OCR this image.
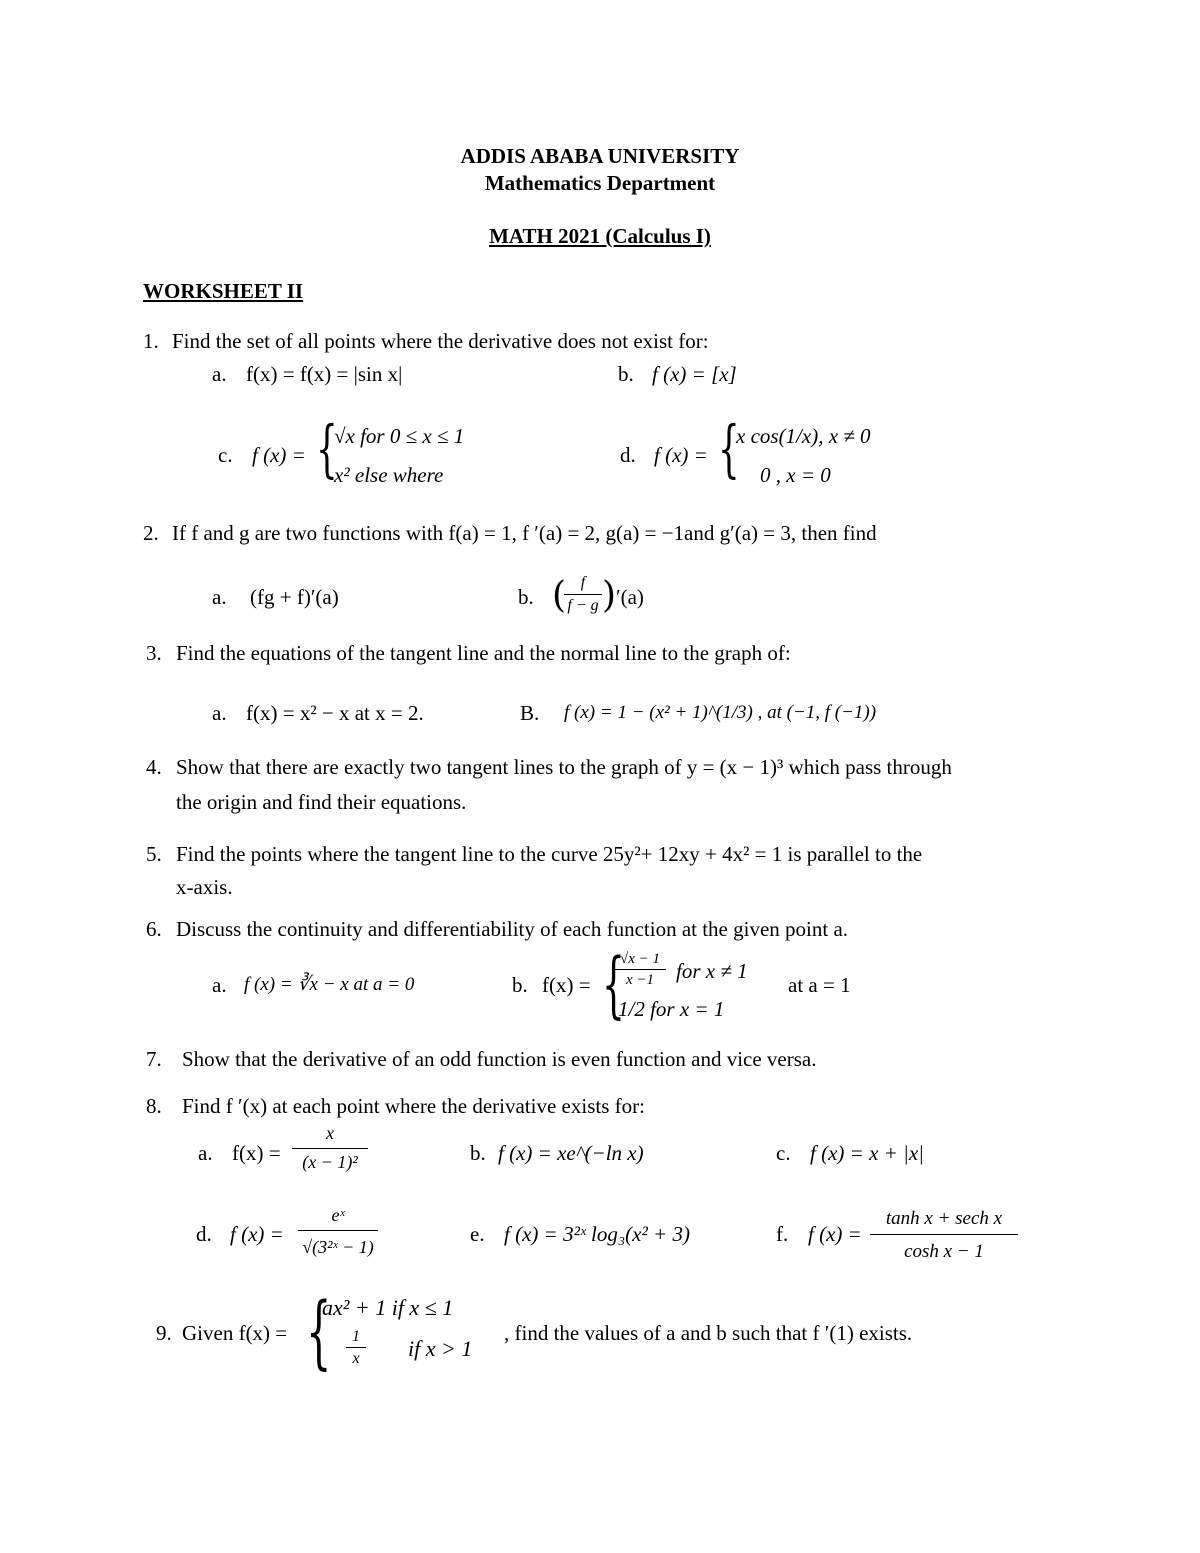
ADDIS ABABA UNIVERSITY
Mathematics Department
MATH 2021 (Calculus I)
WORKSHEET II
1. Find the set of all points where the derivative does not exist for:
a. f(x) = f(x) = |sin x|	b. f (x) = [x]
c. f (x) = {
√x for 0 ≤ x ≤ 1
x² else where
d. f (x) = {
x cos(1/x), x ≠ 0
0 , x = 0
2. If f and g are two functions with f(a) = 1, f ′(a) = 2, g(a) = −1and g′(a) = 3, then find
a. (fg + f)′(a)	b. ( f
f − g ) ′(a)
3. Find the equations of the tangent line and the normal line to the graph of:
a. f(x) = x² − x at x = 2.	B. f (x) = 1 − (x² + 1)^(1/3) , at (−1, f (−1))
4. Show that there are exactly two tangent lines to the graph of y = (x − 1)³ which pass through
the origin and find their equations.
5. Find the points where the tangent line to the curve 25y²+ 12xy + 4x² = 1 is parallel to the
x-axis.
6. Discuss the continuity and differentiability of each function at the given point a.
a. f (x) = ∛x − x at a = 0	b. f(x) = {
√x − 1
x −1	for x ≠ 1
1/2 for x = 1
at a = 1
7. Show that the derivative of an odd function is even function and vice versa.
8. Find f ′(x) at each point where the derivative exists for:
a. f(x) =
x
(x − 1)²	b. f (x) = xe^(−ln x)	c. f (x) = x + |x|
d. f (x) =
eˣ
√(3²ˣ − 1)
e. f (x) = 3²ˣ log₃(x² + 3)	f. f (x) =
tanh x + sech x
cosh x − 1
9. Given f(x) = {
ax² + 1 if x ≤ 1
1
x	if x > 1
, find the values of a and b such that f ′(1) exists.
